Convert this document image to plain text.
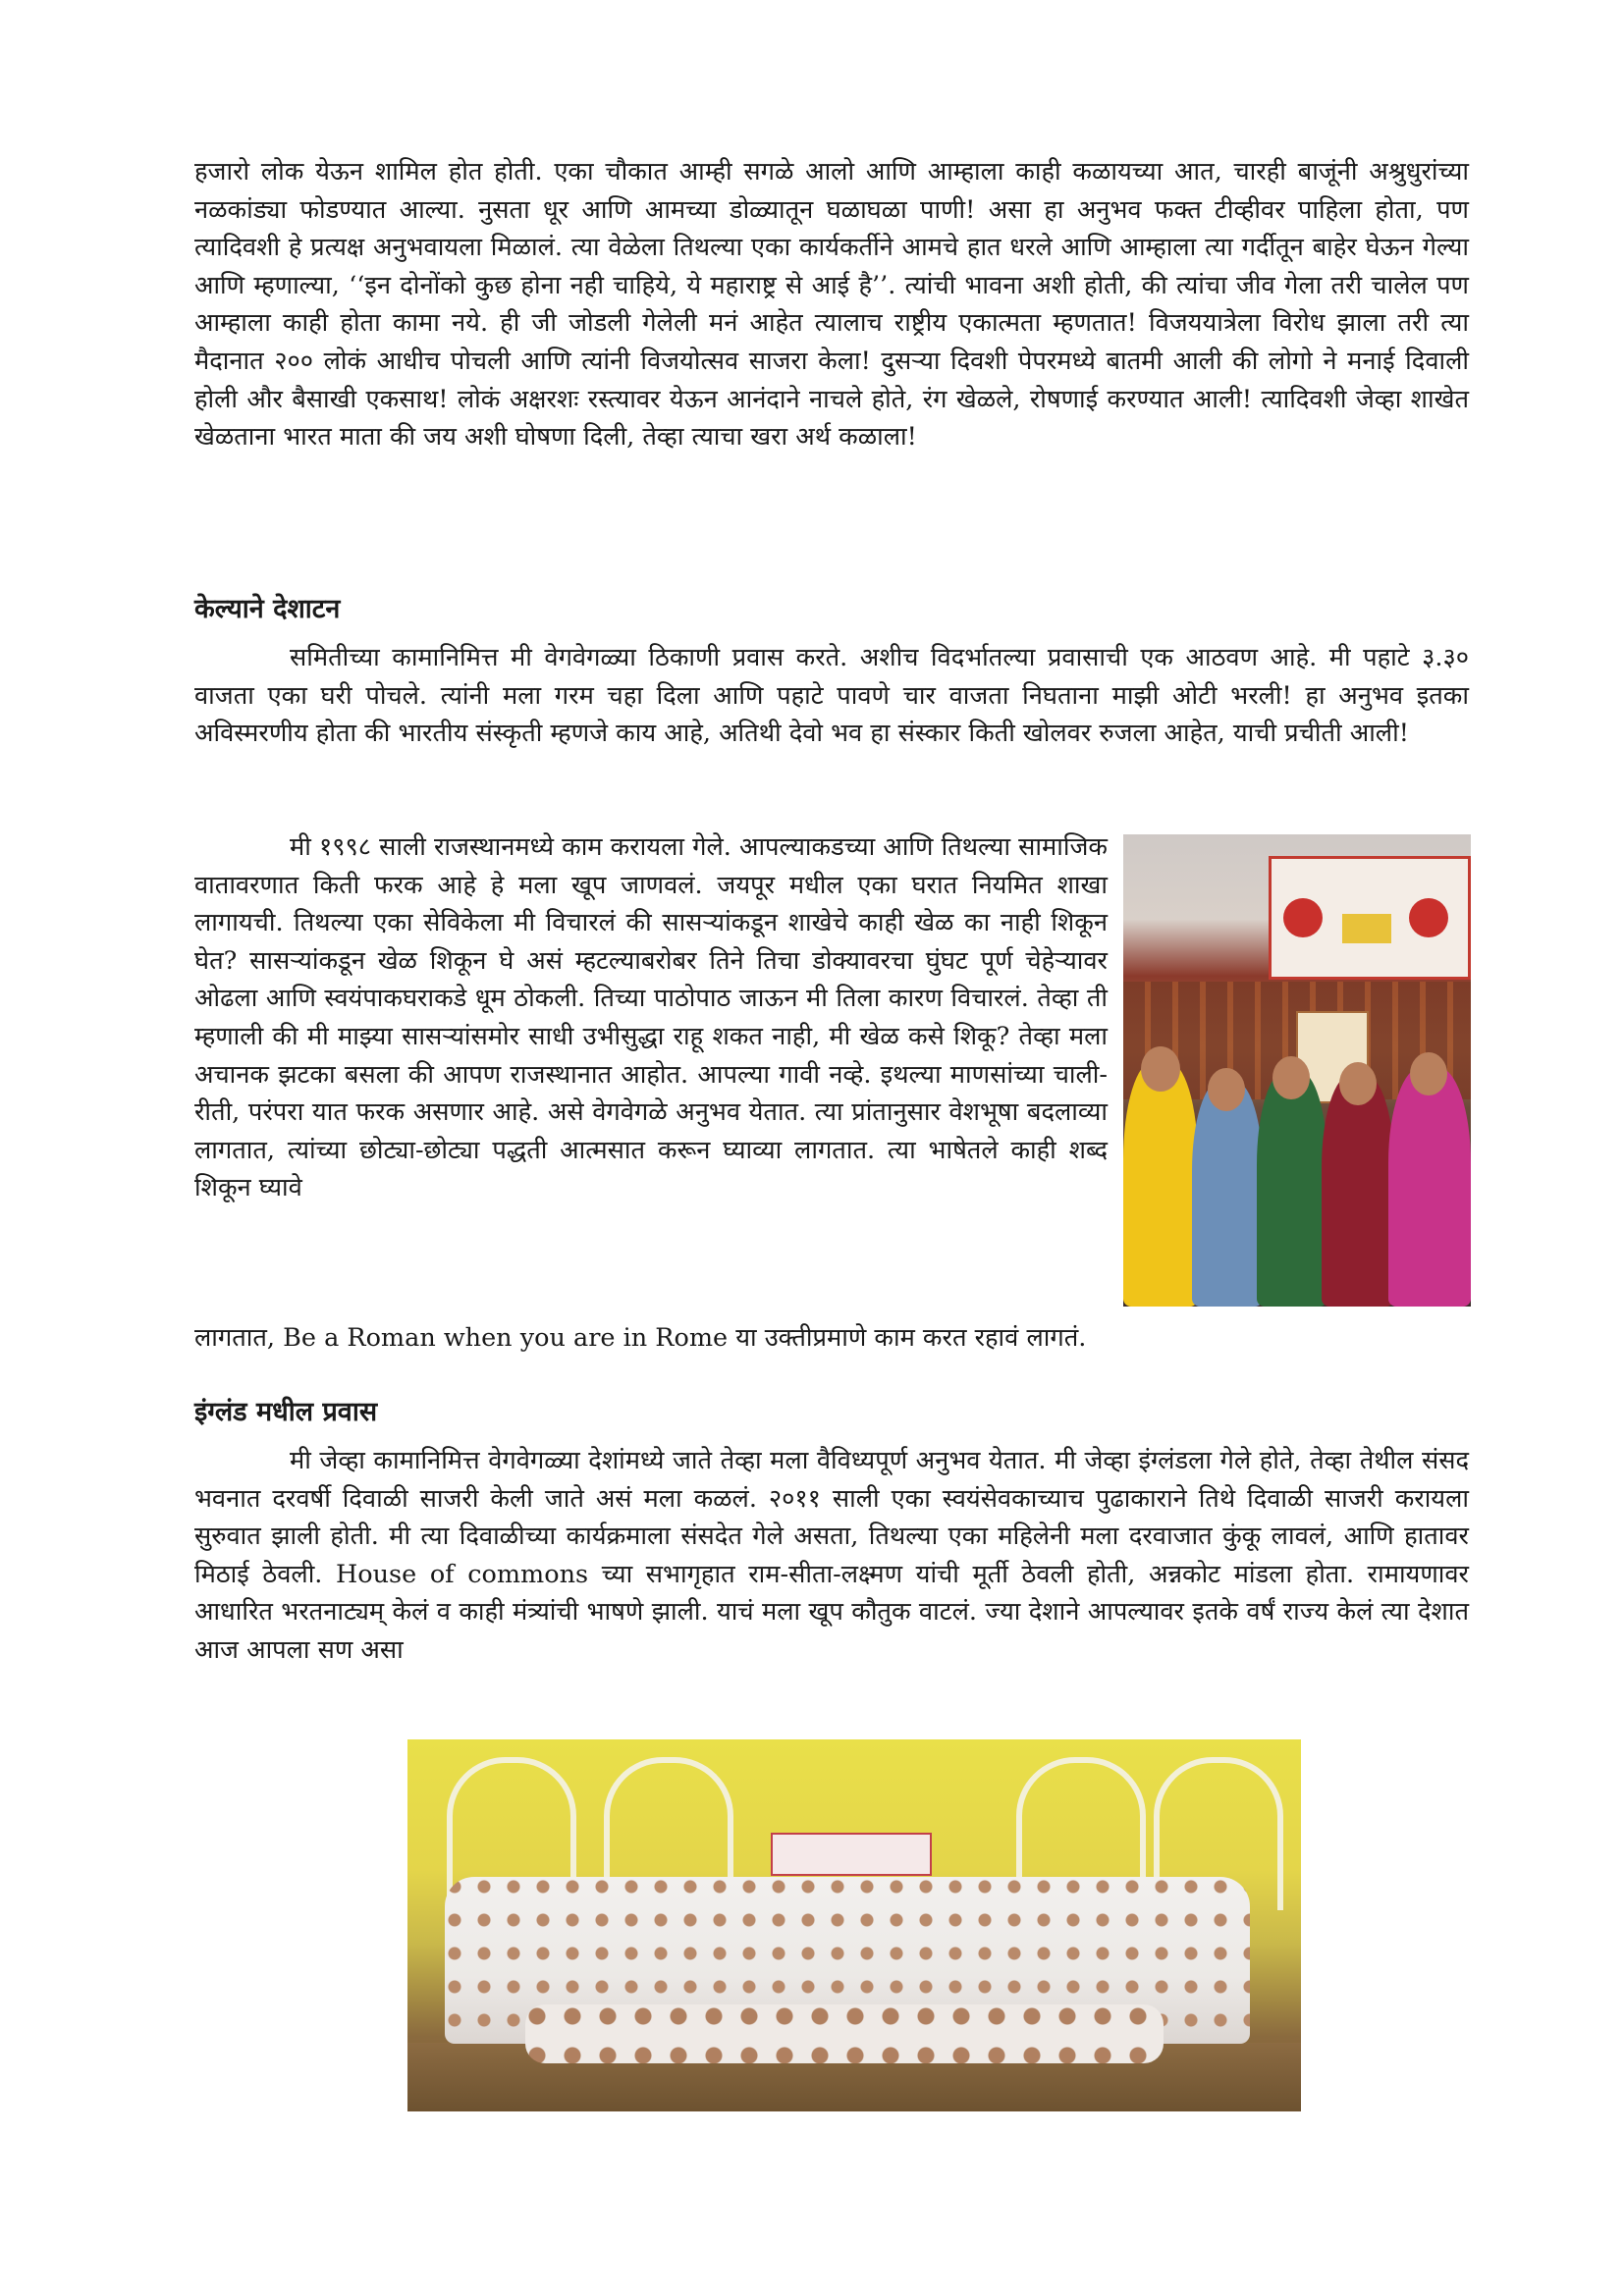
हजारो लोक येऊन शामिल होत होती. एका चौकात आम्ही सगळे आलो आणि आम्हाला काही कळायच्या आत, चारही बाजूंनी अश्रुधुरांच्या नळकांड्या फोडण्यात आल्या. नुसता धूर आणि आमच्या डोळ्यातून घळाघळा पाणी! असा हा अनुभव फक्त टीव्हीवर पाहिला होता, पण त्यादिवशी हे प्रत्यक्ष अनुभवायला मिळालं. त्या वेळेला तिथल्या एका कार्यकर्तीने आमचे हात धरले आणि आम्हाला त्या गर्दीतून बाहेर घेऊन गेल्या आणि म्हणाल्या, ‘‘इन दोनोंको कुछ होना नही चाहिये, ये महाराष्ट्र से आई है’’. त्यांची भावना अशी होती, की त्यांचा जीव गेला तरी चालेल पण आम्हाला काही होता कामा नये. ही जी जोडली गेलेली मनं आहेत त्यालाच राष्ट्रीय एकात्मता म्हणतात! विजययात्रेला विरोध झाला तरी त्या मैदानात २०० लोकं आधीच पोचली आणि त्यांनी विजयोत्सव साजरा केला! दुसऱ्या दिवशी पेपरमध्ये बातमी आली की लोगो ने मनाई दिवाली होली और बैसाखी एकसाथ! लोकं अक्षरशः रस्त्यावर येऊन आनंदाने नाचले होते, रंग खेळले, रोषणाई करण्यात आली! त्यादिवशी जेव्हा शाखेत खेळताना भारत माता की जय अशी घोषणा दिली, तेव्हा त्याचा खरा अर्थ कळाला!

केल्याने देशाटन

समितीच्या कामानिमित्त मी वेगवेगळ्या ठिकाणी प्रवास करते. अशीच विदर्भातल्या प्रवासाची एक आठवण आहे. मी पहाटे ३.३० वाजता एका घरी पोचले. त्यांनी मला गरम चहा दिला आणि पहाटे पावणे चार वाजता निघताना माझी ओटी भरली! हा अनुभव इतका अविस्मरणीय होता की भारतीय संस्कृती म्हणजे काय आहे, अतिथी देवो भव हा संस्कार किती खोलवर रुजला आहेत, याची प्रचीती आली!

मी १९९८ साली राजस्थानमध्ये काम करायला गेले. आपल्याकडच्या आणि तिथल्या सामाजिक वातावरणात किती फरक आहे हे मला खूप जाणवलं. जयपूर मधील एका घरात नियमित शाखा लागायची. तिथल्या एका सेविकेला मी विचारलं की सासऱ्यांकडून शाखेचे काही खेळ का नाही शिकून घेत? सासऱ्यांकडून खेळ शिकून घे असं म्हटल्याबरोबर तिने तिचा डोक्यावरचा घुंघट पूर्ण चेहेऱ्यावर ओढला आणि स्वयंपाकघराकडे धूम ठोकली. तिच्या पाठोपाठ जाऊन मी तिला कारण विचारलं. तेव्हा ती म्हणाली की मी माझ्या सासऱ्यांसमोर साधी उभीसुद्धा राहू शकत नाही, मी खेळ कसे शिकू? तेव्हा मला अचानक झटका बसला की आपण राजस्थानात आहोत. आपल्या गावी नव्हे. इथल्या माणसांच्या चाली-रीती, परंपरा यात फरक असणार आहे. असे वेगवेगळे अनुभव येतात. त्या प्रांतानुसार वेशभूषा बदलाव्या लागतात, त्यांच्या छोट्या-छोट्या पद्धती आत्मसात करून घ्याव्या लागतात. त्या भाषेतले काही शब्द शिकून घ्यावे

लागतात, Be a Roman when you are in Rome या उक्तीप्रमाणे काम करत रहावं लागतं.

इंग्लंड मधील प्रवास

मी जेव्हा कामानिमित्त वेगवेगळ्या देशांमध्ये जाते तेव्हा मला वैविध्यपूर्ण अनुभव येतात. मी जेव्हा इंग्लंडला गेले होते, तेव्हा तेथील संसद भवनात दरवर्षी दिवाळी साजरी केली जाते असं मला कळलं. २०११ साली एका स्वयंसेवकाच्याच पुढाकाराने तिथे दिवाळी साजरी करायला सुरुवात झाली होती. मी त्या दिवाळीच्या कार्यक्रमाला संसदेत गेले असता, तिथल्या एका महिलेनी मला दरवाजात कुंकू लावलं, आणि हातावर मिठाई ठेवली. House of commons च्या सभागृहात राम-सीता-लक्ष्मण यांची मूर्ती ठेवली होती, अन्नकोट मांडला होता. रामायणावर आधारित भरतनाट्यम् केलं व काही मंत्र्यांची भाषणे झाली. याचं मला खूप कौतुक वाटलं. ज्या देशाने आपल्यावर इतके वर्षं राज्य केलं त्या देशात आज आपला सण असा
